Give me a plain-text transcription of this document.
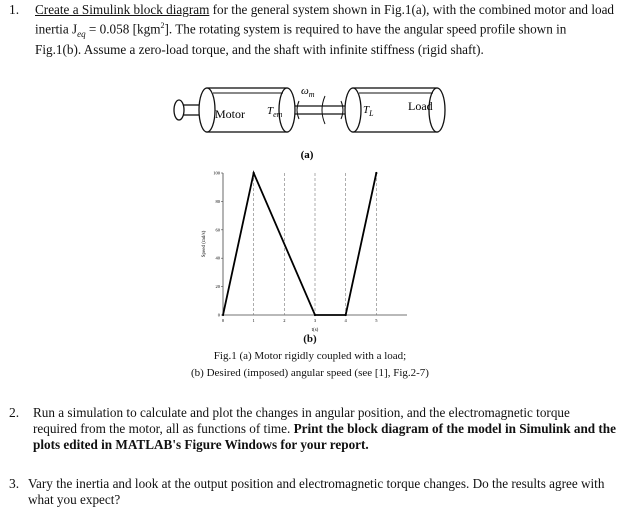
1. Create a Simulink block diagram for the general system shown in Fig.1(a), with the combined motor and load inertia $J_{eq} = 0.058$ [kgm$^2$]. The rotating system is required to have the angular speed profile shown in Fig.1(b). Assume a zero-load torque, and the shaft with infinite stiffness (rigid shaft).
Motor $T_{em}$
$\omega_m$
$T_L$
Load
(a)
0	1	2	3	4	5
0
20
40
60
80
100
Speed (rad/s)
t(s)
(b)
Fig.1 (a) Motor rigidly coupled with a load;
(b) Desired (imposed) angular speed (see [1], Fig.2-7)
2. Run a simulation to calculate and plot the changes in angular position, and the electromagnetic torque required from the motor, all as functions of time. Print the block diagram of the model in Simulink and the plots edited in MATLAB's Figure Windows for your report.
3. Vary the inertia and look at the output position and electromagnetic torque changes. Do the results agree with what you expect?
